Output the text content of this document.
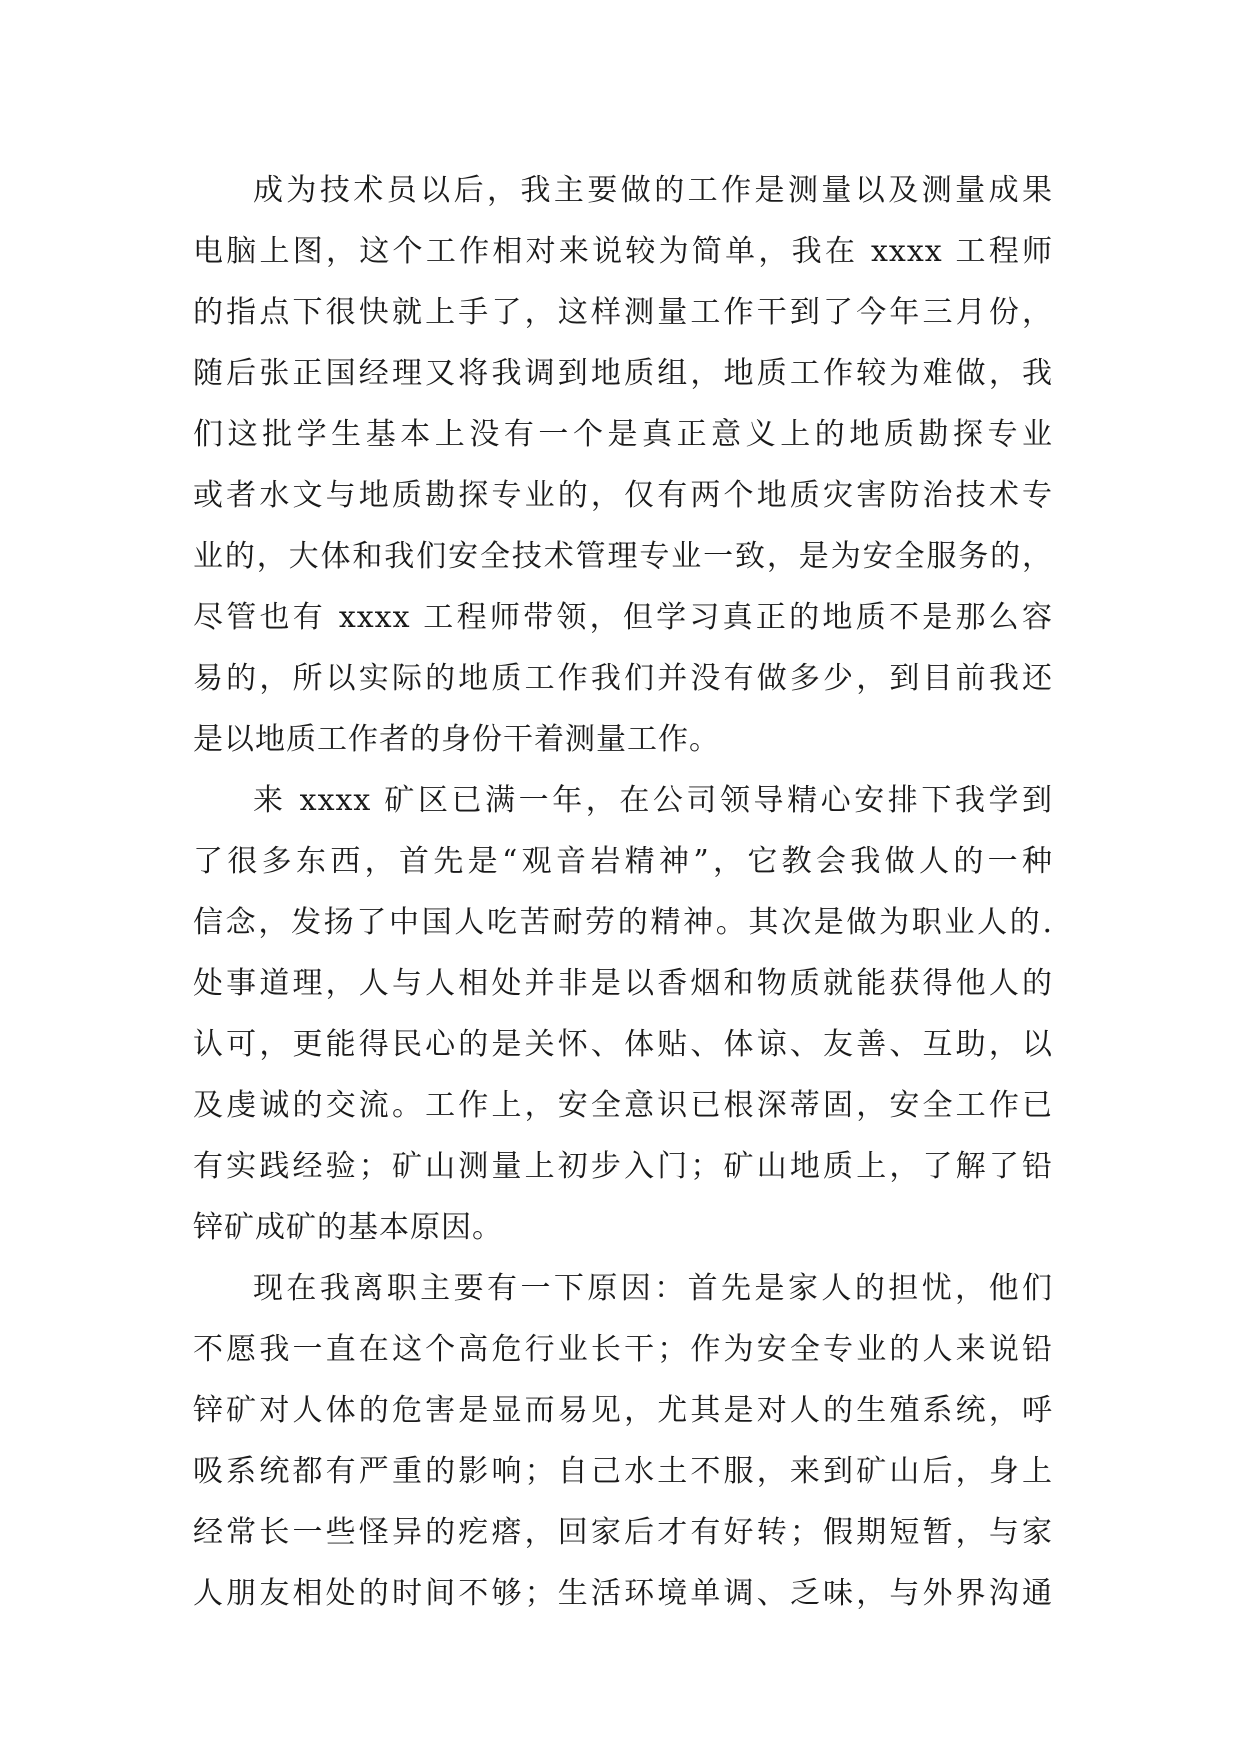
成为技术员以后，我主要做的工作是测量以及测量成果
电脑上图，这个工作相对来说较为简单，我在 xxxx 工程师
的指点下很快就上手了，这样测量工作干到了今年三月份，
随后张正国经理又将我调到地质组，地质工作较为难做，我
们这批学生基本上没有一个是真正意义上的地质勘探专业
或者水文与地质勘探专业的，仅有两个地质灾害防治技术专
业的，大体和我们安全技术管理专业一致，是为安全服务的，
尽管也有 xxxx 工程师带领，但学习真正的地质不是那么容
易的，所以实际的地质工作我们并没有做多少，到目前我还
是以地质工作者的身份干着测量工作。
来 xxxx 矿区已满一年，在公司领导精心安排下我学到
了很多东西，首先是“观音岩精神”，它教会我做人的一种
信念，发扬了中国人吃苦耐劳的精神。其次是做为职业人的.
处事道理，人与人相处并非是以香烟和物质就能获得他人的
认可，更能得民心的是关怀、体贴、体谅、友善、互助，以
及虔诚的交流。工作上，安全意识已根深蒂固，安全工作已
有实践经验；矿山测量上初步入门；矿山地质上，了解了铅
锌矿成矿的基本原因。
现在我离职主要有一下原因：首先是家人的担忧，他们
不愿我一直在这个高危行业长干；作为安全专业的人来说铅
锌矿对人体的危害是显而易见，尤其是对人的生殖系统，呼
吸系统都有严重的影响；自己水土不服，来到矿山后，身上
经常长一些怪异的疙瘩，回家后才有好转；假期短暂，与家
人朋友相处的时间不够；生活环境单调、乏味，与外界沟通
